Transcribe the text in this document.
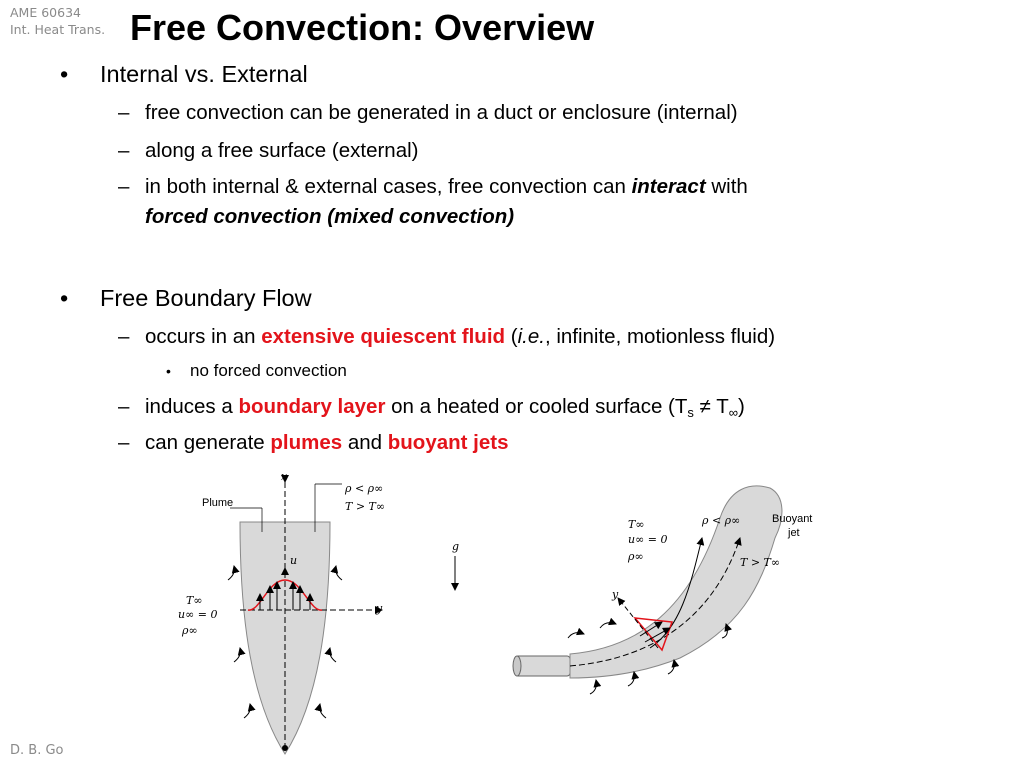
AME 60634
Int. Heat Trans. Free Convection: Overview
• Internal vs. External
– free convection can be generated in a duct or enclosure (internal)
– along a free surface (external)
– in both internal & external cases, free convection can interact with
forced convection (mixed convection)
• Free Boundary Flow
– occurs in an extensive quiescent fluid (i.e., infinite, motionless fluid)
• no forced convection
– induces a boundary layer on a heated or cooled surface $(T_s \ne T_\infty)$
– can generate plumes and buoyant jets
x
y
u
Plume
ρ < ρ∞
T > T∞
T∞
u∞ = 0
ρ∞
g
y
T∞
u∞ = 0
ρ∞
ρ < ρ∞
T > T∞
Buoyant
jet
D. B. Go
